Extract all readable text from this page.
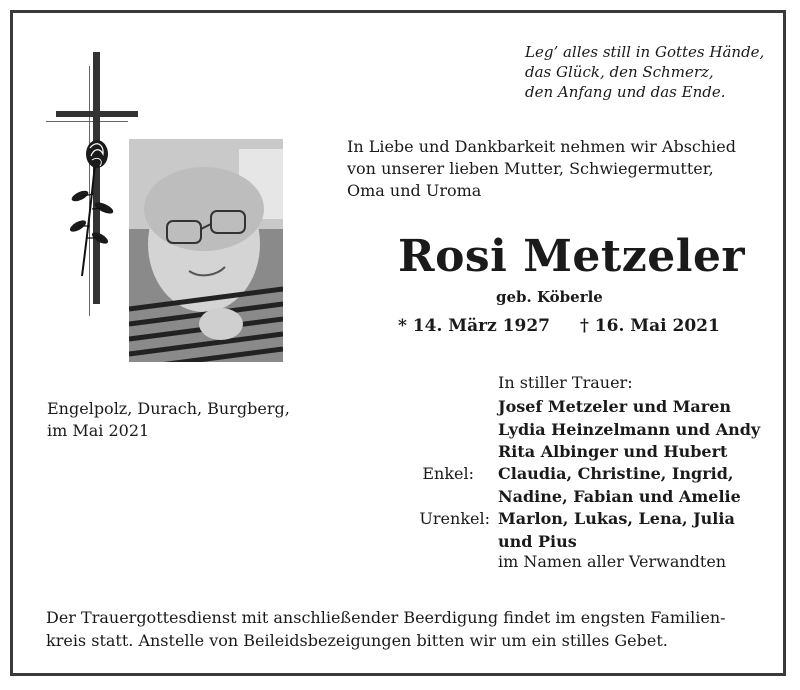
Leg’ alles still in Gottes Hände,
das Glück, den Schmerz,
den Anfang und das Ende.
In Liebe und Dankbarkeit nehmen wir Abschied
von unserer lieben Mutter, Schwiegermutter,
Oma und Uroma
Rosi Metzeler
geb. Köberle
* 14. März 1927 † 16. Mai 2021
Engelpolz, Durach, Burgberg,
im Mai 2021
In stiller Trauer:
Josef Metzeler und Maren
Lydia Heinzelmann und Andy
Rita Albinger und Hubert
Enkel: Claudia, Christine, Ingrid,
Nadine, Fabian und Amelie
Urenkel: Marlon, Lukas, Lena, Julia
und Pius
im Namen aller Verwandten
Der Trauergottesdienst mit anschließender Beerdigung findet im engsten Familien-
kreis statt. Anstelle von Beileidsbezeigungen bitten wir um ein stilles Gebet.
